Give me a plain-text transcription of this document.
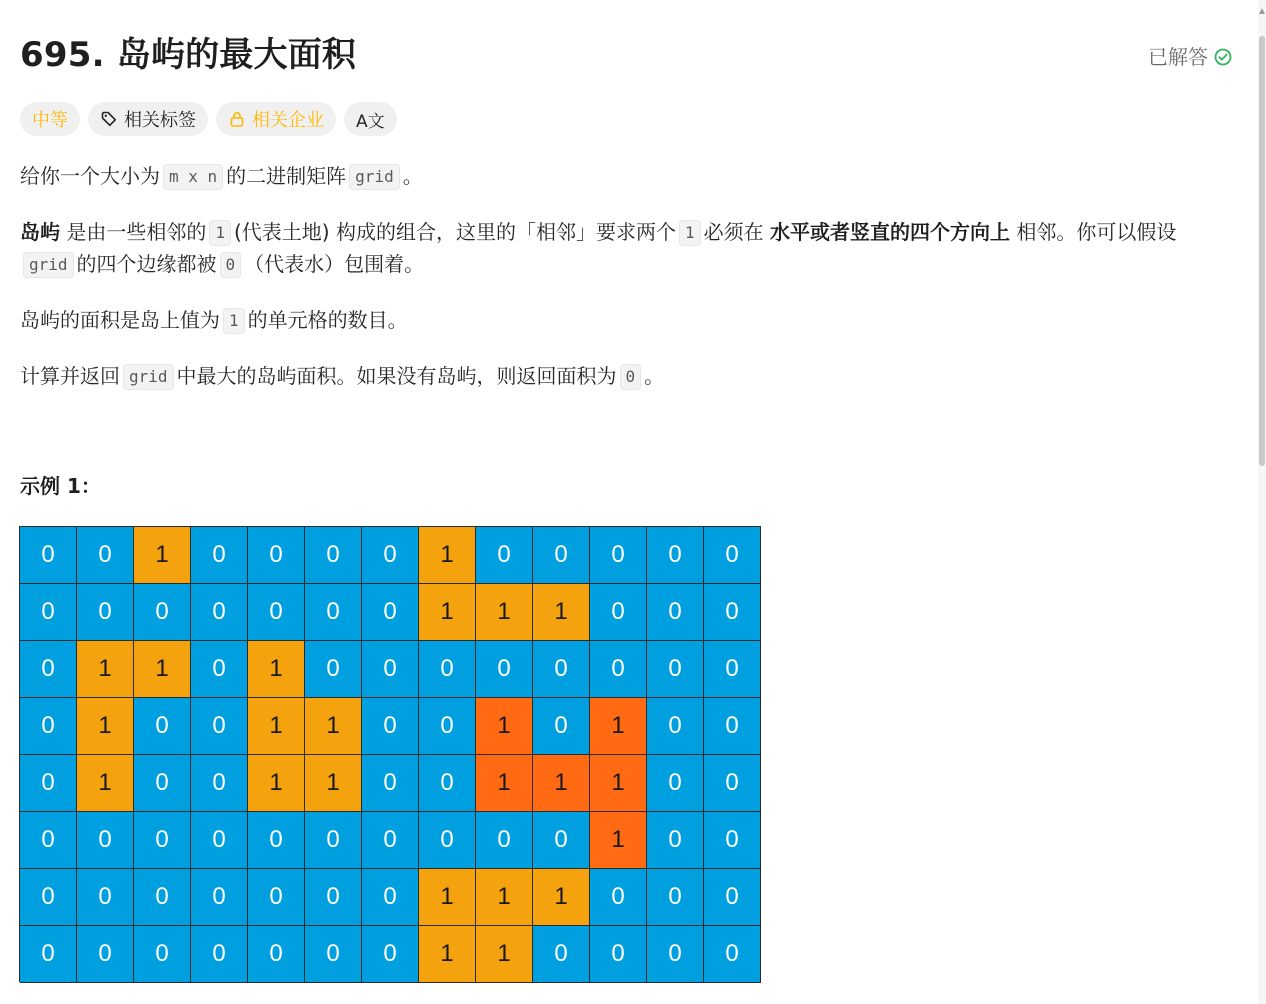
695. 岛屿的最大面积	已解答
中等	相关标签	相关企业 A文

给你一个大小为 m x n 的二进制矩阵 grid 。

岛屿 是由一些相邻的 1 (代表土地) 构成的组合，这里的「相邻」要求两个 1 必须在 水平或者竖直的四个方向上 相邻。你可以假设grid 的四个边缘都被 0 （代表水）包围着。

岛屿的面积是岛上值为 1 的单元格的数目。

计算并返回 grid 中最大的岛屿面积。如果没有岛屿，则返回面积为 0 。

示例 1：
0	0	1	0	0	0	0	1	0	0	0	0	0
0	0	0	0	0	0	0	1	1	1	0	0	0
0	1	1	0	1	0	0	0	0	0	0	0	0
0	1	0	0	1	1	0	0	1	0	1	0	0
0	1	0	0	1	1	0	0	1	1	1	0	0
0	0	0	0	0	0	0	0	0	0	1	0	0
0	0	0	0	0	0	0	1	1	1	0	0	0
0	0	0	0	0	0	0	1	1	0	0	0	0
